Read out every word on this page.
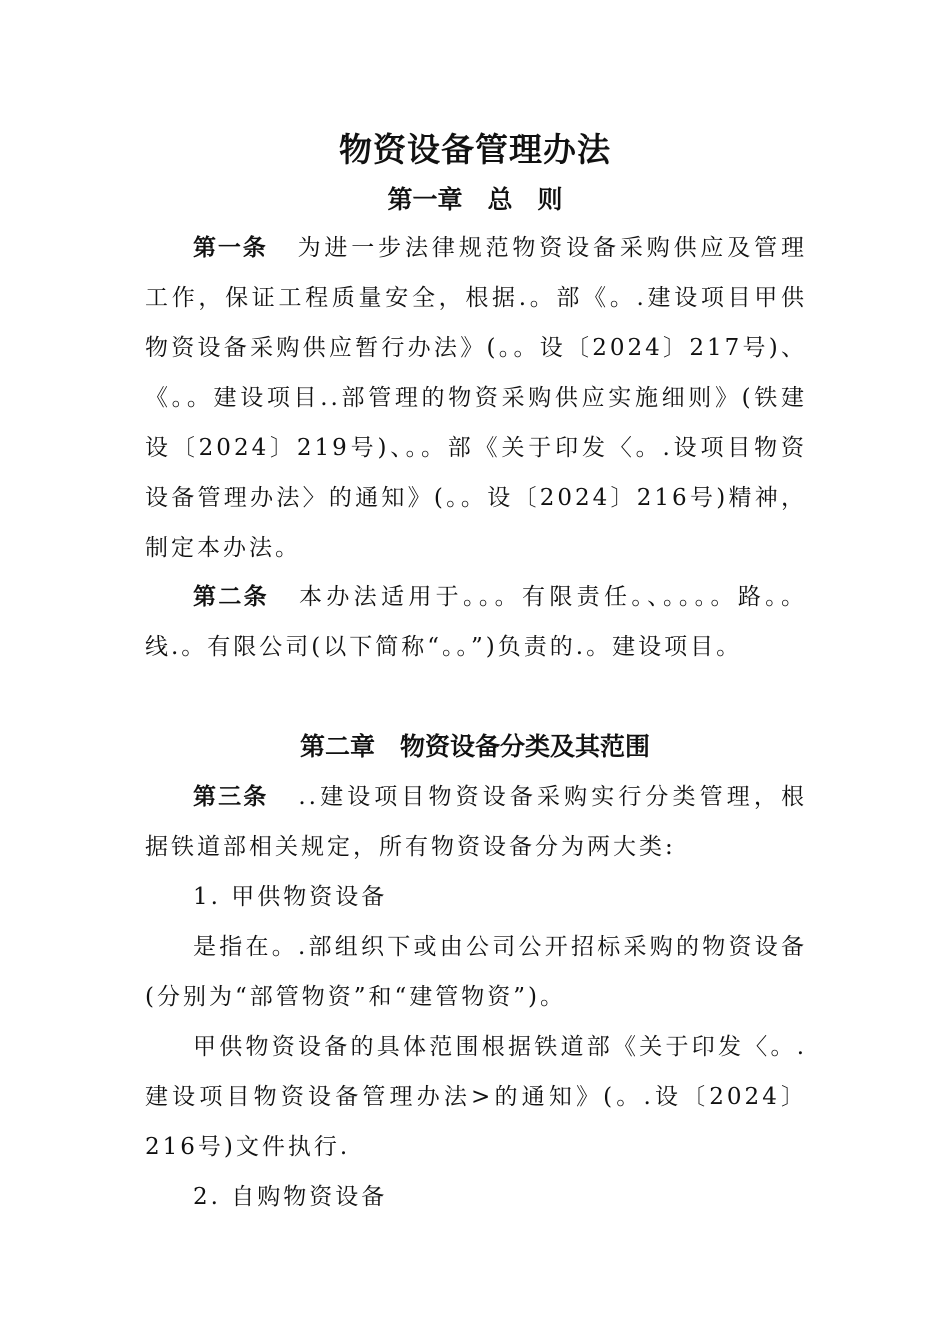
物资设备管理办法
第一章　总　则

第一条 为进一步法律规范物资设备采购供应及管理工作，保证工程质量安全，根据.。部《。.建设项目甲供物资设备采购供应暂行办法》(。。设〔2024〕217号)、《。。建设项目..部管理的物资采购供应实施细则》(铁建设〔2024〕219号)、。。部《关于印发〈。.设项目物资设备管理办法〉的通知》(。。设〔2024〕216号)精神，制定本办法。

第二条 本办法适用于。。。有限责任。、。。。。路。。线.。有限公司(以下简称“。。”)负责的.。建设项目。

第二章　物资设备分类及其范围

第三条 ..建设项目物资设备采购实行分类管理，根据铁道部相关规定，所有物资设备分为两大类:

1. 甲供物资设备

是指在。.部组织下或由公司公开招标采购的物资设备(分别为“部管物资”和“建管物资”)。

甲供物资设备的具体范围根据铁道部《关于印发〈。.建设项目物资设备管理办法>的通知》(。.设〔2024〕216号)文件执行.

2. 自购物资设备
